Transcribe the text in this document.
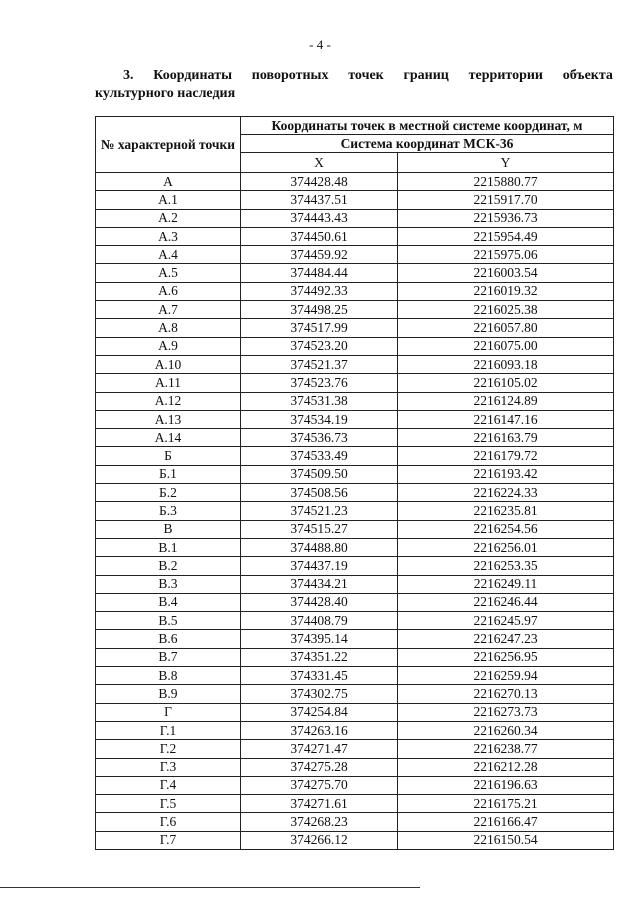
- 4 -
3. Координаты поворотных точек границ территории объекта
культурного наследия
№ характерной точки	Координаты точек в местной системе координат, м	
	Система координат МСК-36	
	X	Y
А	374428.48	2215880.77
А.1	374437.51	2215917.70
А.2	374443.43	2215936.73
А.3	374450.61	2215954.49
А.4	374459.92	2215975.06
А.5	374484.44	2216003.54
А.6	374492.33	2216019.32
А.7	374498.25	2216025.38
А.8	374517.99	2216057.80
А.9	374523.20	2216075.00
А.10	374521.37	2216093.18
А.11	374523.76	2216105.02
А.12	374531.38	2216124.89
А.13	374534.19	2216147.16
А.14	374536.73	2216163.79
Б	374533.49	2216179.72
Б.1	374509.50	2216193.42
Б.2	374508.56	2216224.33
Б.3	374521.23	2216235.81
В	374515.27	2216254.56
В.1	374488.80	2216256.01
В.2	374437.19	2216253.35
В.3	374434.21	2216249.11
В.4	374428.40	2216246.44
В.5	374408.79	2216245.97
В.6	374395.14	2216247.23
В.7	374351.22	2216256.95
В.8	374331.45	2216259.94
В.9	374302.75	2216270.13
Г	374254.84	2216273.73
Г.1	374263.16	2216260.34
Г.2	374271.47	2216238.77
Г.3	374275.28	2216212.28
Г.4	374275.70	2216196.63
Г.5	374271.61	2216175.21
Г.6	374268.23	2216166.47
Г.7	374266.12	2216150.54
